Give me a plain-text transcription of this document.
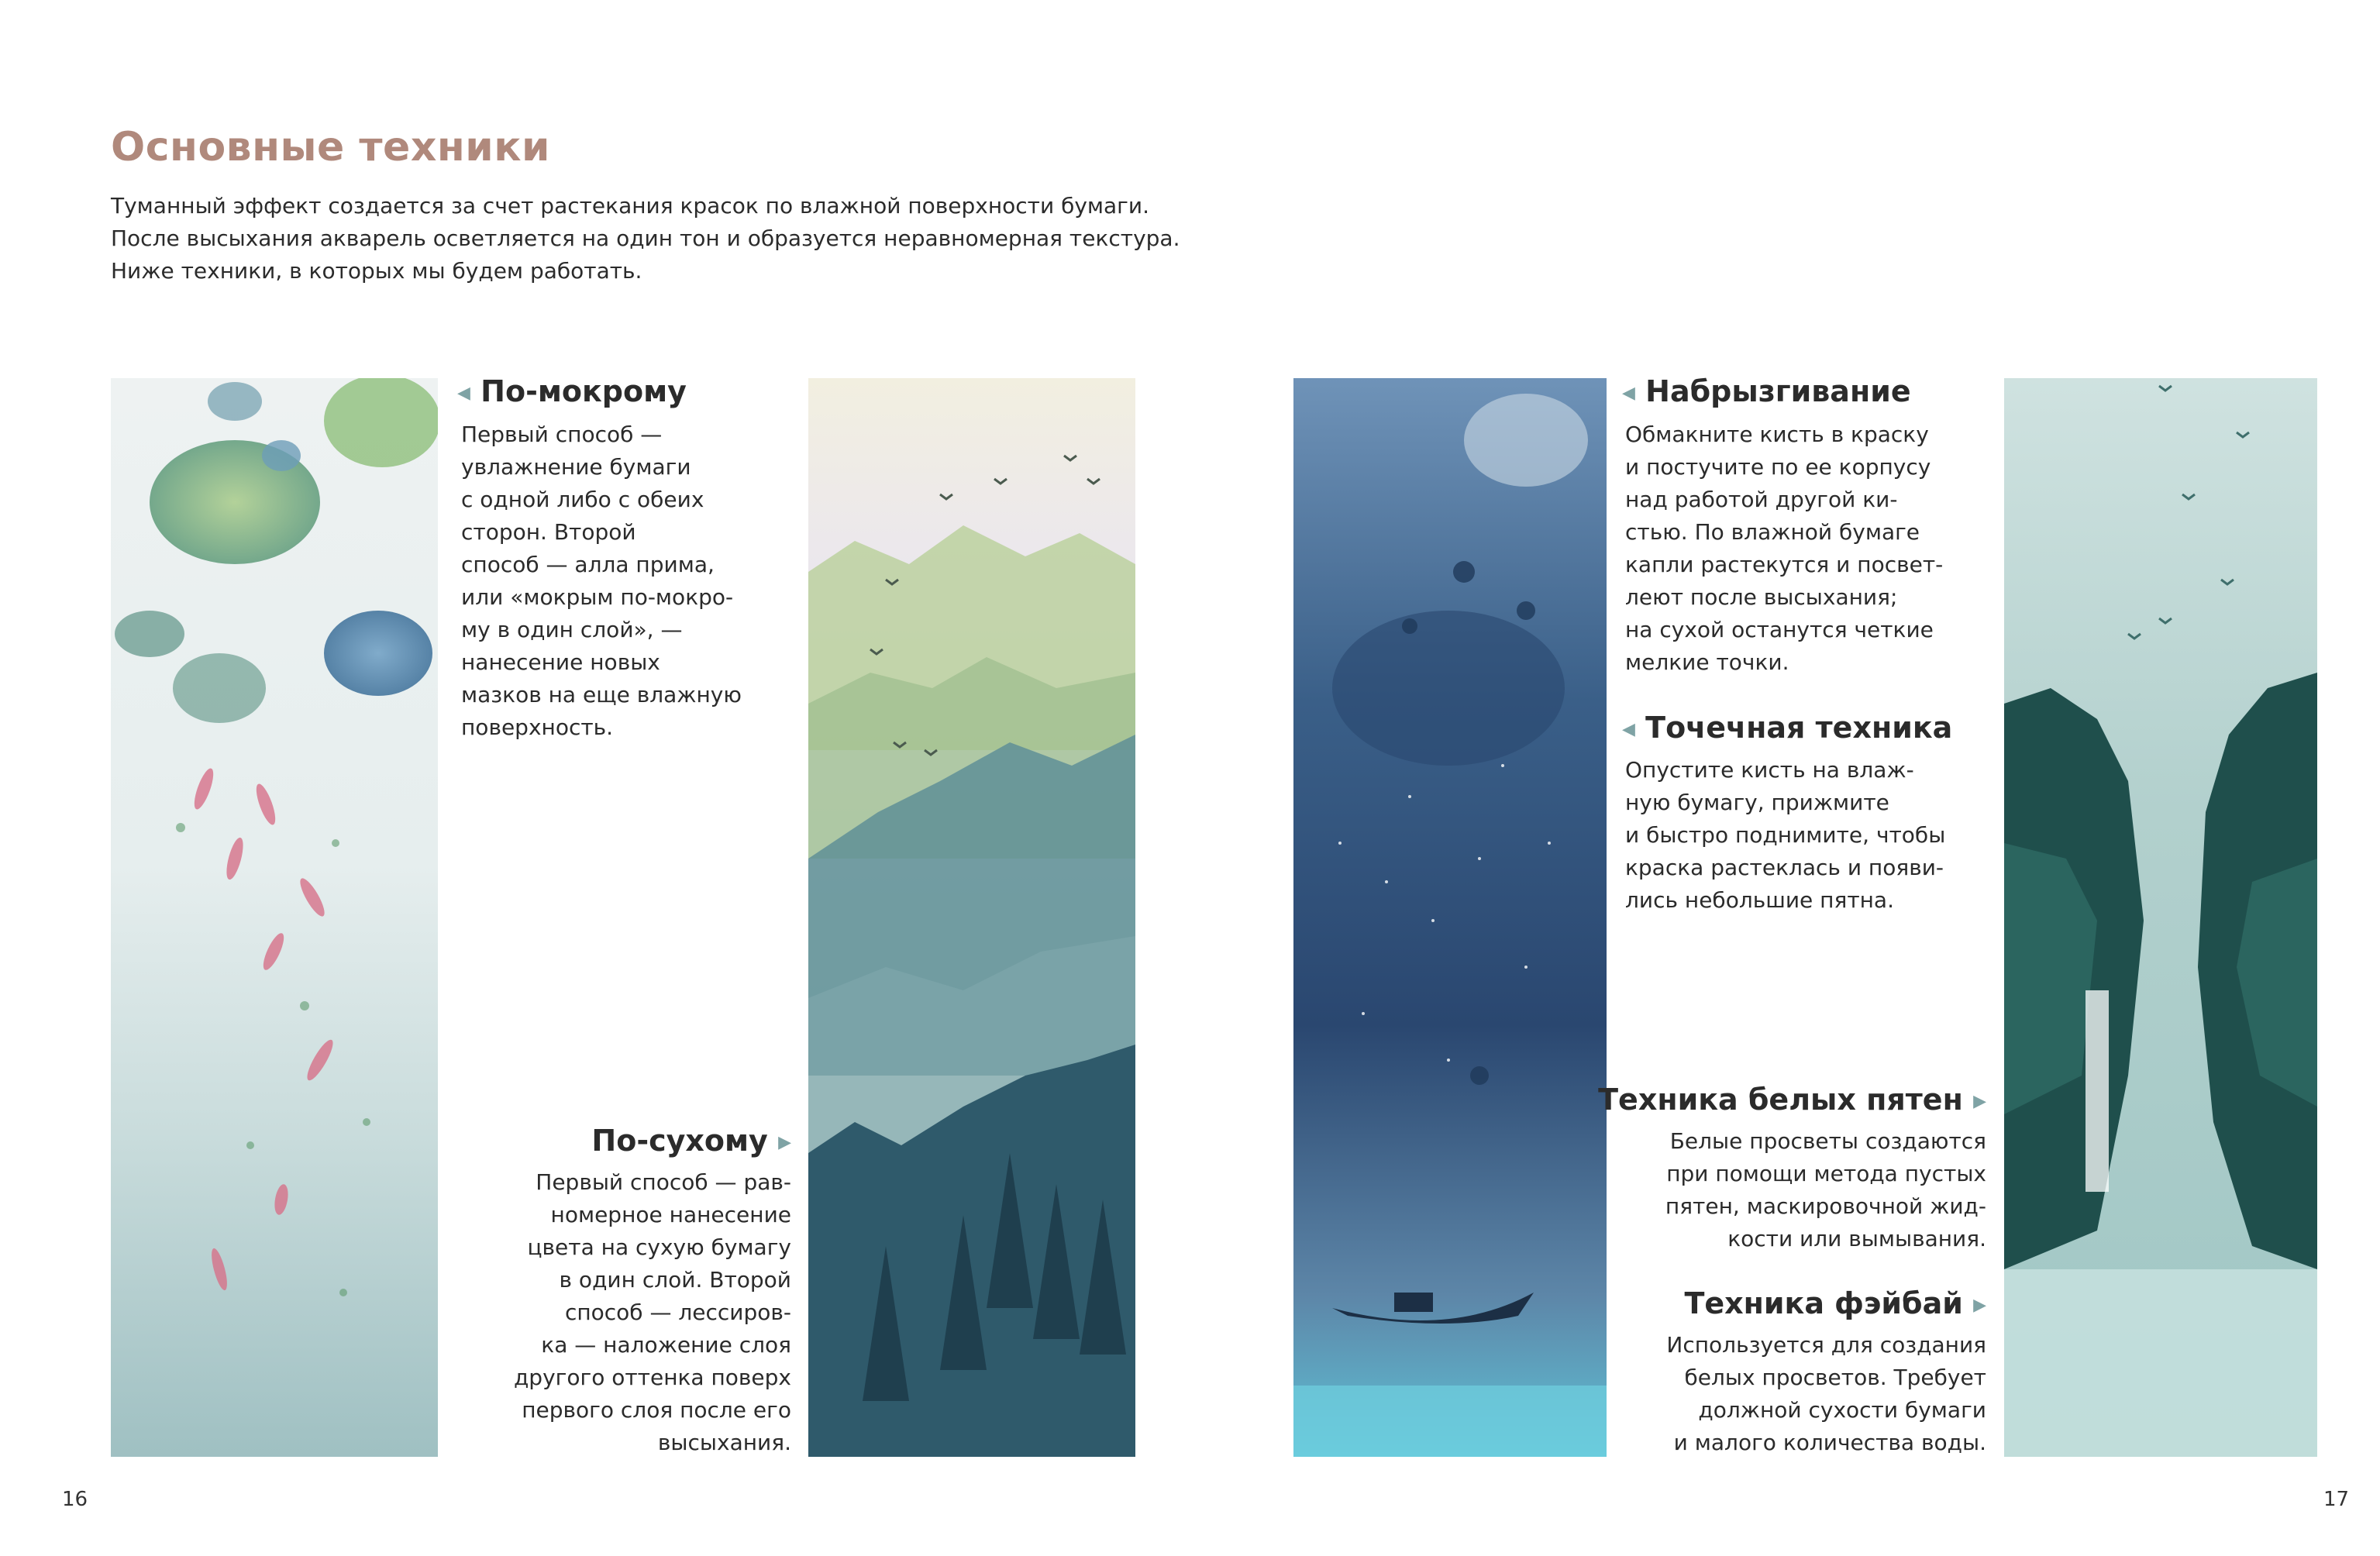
Основные техники
Туманный эффект создается за счет растекания красок по влажной поверхности бумаги.
После высыхания акварель осветляется на один тон и образуется неравномерная текстура.
Ниже техники, в которых мы будем работать.
◀ По-мокрому
Первый способ —
увлажнение бумаги
с одной либо с обеих
сторон. Второй
способ — алла прима,
или «мокрым по-мокро-
му в один слой», —
нанесение новых
мазков на еще влажную
поверхность.
По-сухому ▶
Первый способ — рав-
номерное нанесение
цвета на сухую бумагу
в один слой. Второй
способ — лессиров-
ка — наложение слоя
другого оттенка поверх
первого слоя после его
высыхания.
◀ Набрызгивание
Обмакните кисть в краску
и постучите по ее корпусу
над работой другой ки-
стью. По влажной бумаге
капли растекутся и посвет-
леют после высыхания;
на сухой останутся четкие
мелкие точки.
◀ Точечная техника
Опустите кисть на влаж-
ную бумагу, прижмите
и быстро поднимите, чтобы
краска растеклась и появи-
лись небольшие пятна.
Техника белых пятен ▶
Белые просветы создаются
при помощи метода пустых
пятен, маскировочной жид-
кости или вымывания.
Техника фэйбай ▶
Используется для создания
белых просветов. Требует
должной сухости бумаги
и малого количества воды.
16	17
